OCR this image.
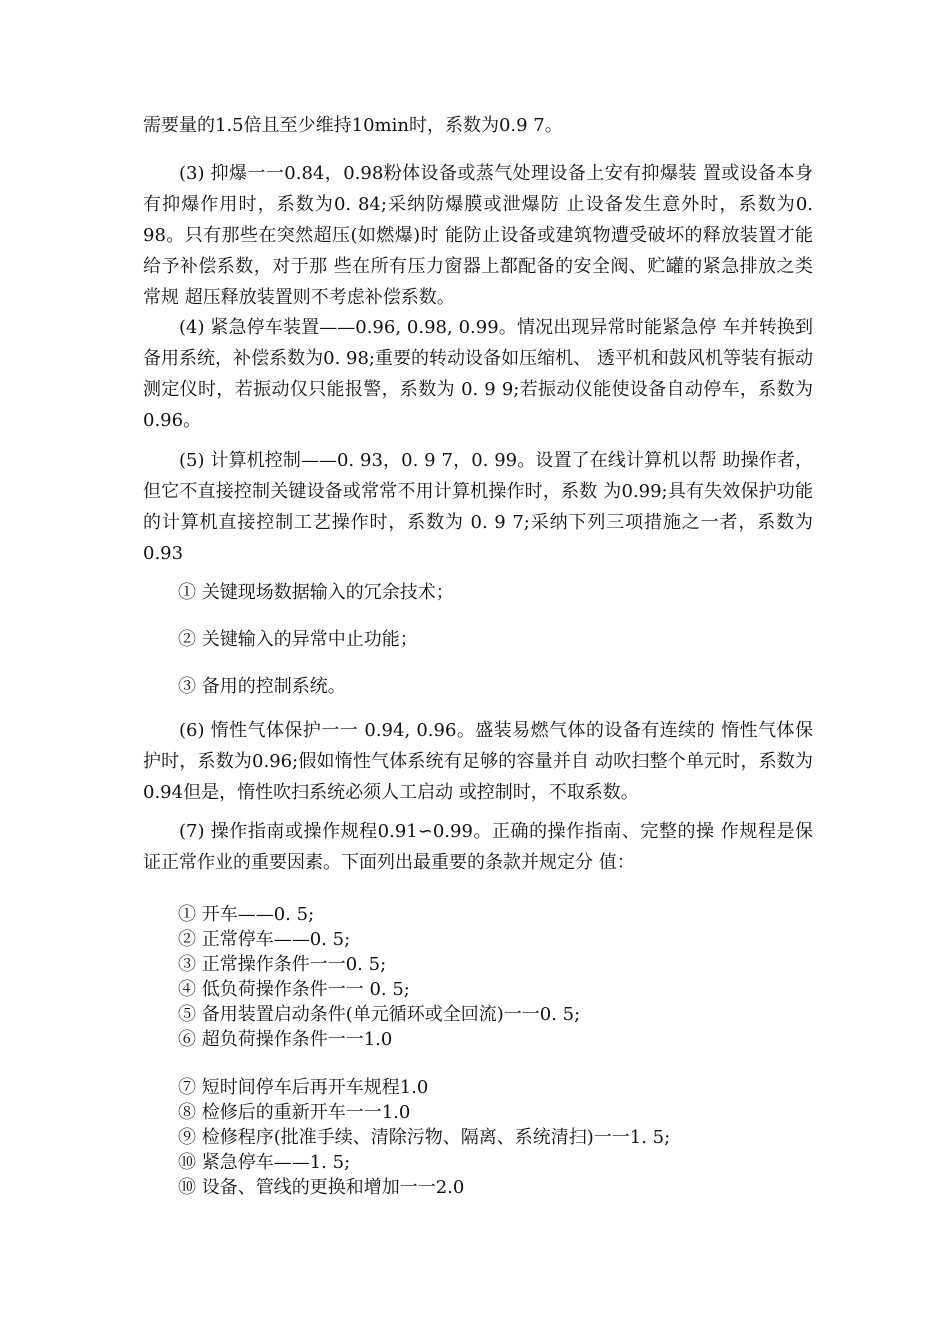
需要量的1.5倍且至少维持10min时，系数为0.9 7。

(3) 抑爆一一0.84，0.98粉体设备或蒸气处理设备上安有抑爆装 置或设备本身有抑爆作用时，系数为0. 84;采纳防爆膜或泄爆防 止设备发生意外时，系数为0. 98。只有那些在突然超压(如燃爆)时 能防止设备或建筑物遭受破坏的释放装置才能给予补偿系数，对于那 些在所有压力窗器上都配备的安全阀、贮罐的紧急排放之类常规 超压释放装置则不考虑补偿系数。

(4) 紧急停车装置——0.96, 0.98, 0.99。情况出现异常时能紧急停 车并转换到备用系统，补偿系数为0. 98;重要的转动设备如压缩机、 透平机和鼓风机等装有振动测定仪时，若振动仅只能报警，系数为 0. 9 9;若振动仪能使设备自动停车，系数为0.96。

(5) 计算机控制——0. 93，0. 9 7，0. 99。设置了在线计算机以帮 助操作者，但它不直接控制关键设备或常常不用计算机操作时，系数 为0.99;具有失效保护功能的计算机直接控制工艺操作时，系数为 0. 9 7;采纳下列三项措施之一者，系数为0.93

① 关键现场数据输入的冗余技术；

② 关键输入的异常中止功能；

③ 备用的控制系统。

(6) 惰性气体保护一一 0.94, 0.96。盛装易燃气体的设备有连续的 惰性气体保护时，系数为0.96;假如惰性气体系统有足够的容量并自 动吹扫整个单元时，系数为0.94但是，惰性吹扫系统必须人工启动 或控制时，不取系数。

(7) 操作指南或操作规程0.91∽0.99。正确的操作指南、完整的操 作规程是保证正常作业的重要因素。下面列出最重要的条款并规定分 值：

① 开车——0. 5;

② 正常停车——0. 5;

③ 正常操作条件一一0. 5;

④ 低负荷操作条件一一 0. 5;

⑤ 备用装置启动条件(单元循环或全回流)一一0. 5;

⑥ 超负荷操作条件一一1.0

⑦ 短时间停车后再开车规程1.0

⑧ 检修后的重新开车一一1.0

⑨ 检修程序(批准手续、清除污物、隔离、系统清扫)一一1. 5;

⑩ 紧急停车——1. 5;

⑩ 设备、管线的更换和增加一一2.0
